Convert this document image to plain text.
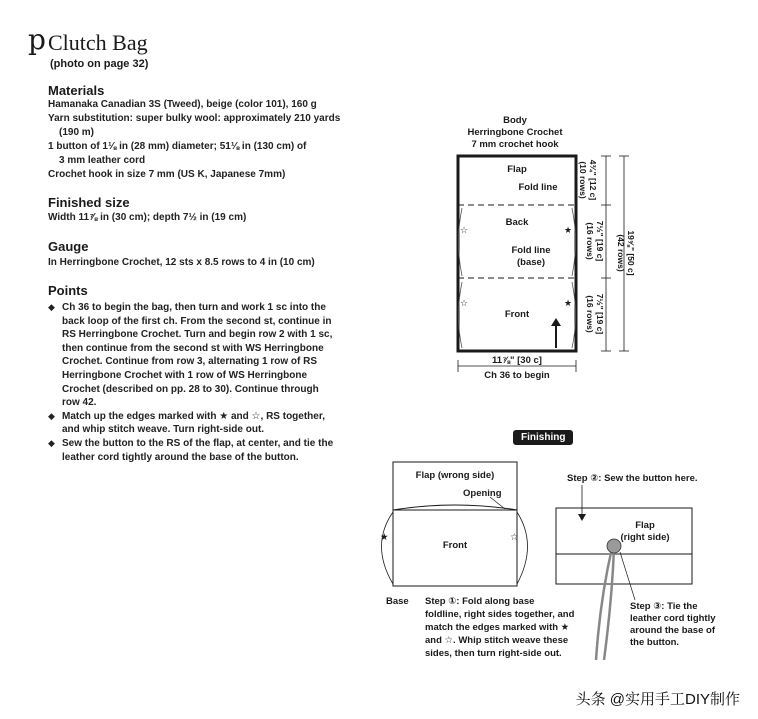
p Clutch Bag
(photo on page 32)
Materials
Hamanaka Canadian 3S (Tweed), beige (color 101), 160 g
Yarn substitution: super bulky wool: approximately 210 yards
(190 m)
1 button of 1⅛ in (28 mm) diameter; 51⅛ in (130 cm) of
3 mm leather cord
Crochet hook in size 7 mm (US K, Japanese 7mm)
Finished size
Width 11⅞ in (30 cm); depth 7½ in (19 cm)
Gauge
In Herringbone Crochet, 12 sts x 8.5 rows to 4 in (10 cm)
Points
◆ Ch 36 to begin the bag, then turn and work 1 sc into the
back loop of the first ch. From the second st, continue in
RS Herringbone Crochet. Turn and begin row 2 with 1 sc,
then continue from the second st with WS Herringbone
Crochet. Continue from row 3, alternating 1 row of RS
Herringbone Crochet with 1 row of WS Herringbone
Crochet (described on pp. 28 to 30). Continue through
row 42.
◆ Match up the edges marked with ★ and ☆, RS together,
and whip stitch weave. Turn right-side out.
◆ Sew the button to the RS of the flap, at center, and tie the
leather cord tightly around the base of the button.
Body
Herringbone Crochet
7 mm crochet hook
Flap
Fold line
Back
Fold line
(base)
Front
☆
☆
★
★
11⅞" [30 c]
Ch 36 to begin
4¾" [12 c]
(10 rows)
7½" [19 c]
(16 rows)
7½" [19 c]
(16 rows)
19⅝" [50 c]
(42 rows)
Flap (wrong side)
Opening
Front
Base
★	☆
Step ①: Fold along base
foldline, right sides together, and
match the edges marked with ★
and ☆. Whip stitch weave these
sides, then turn right-side out.
Step ②: Sew the button here.
Flap
(right side)
Step ③: Tie the
leather cord tightly
around the base of
the button.
Finishing
头条 @实用手工DIY制作
